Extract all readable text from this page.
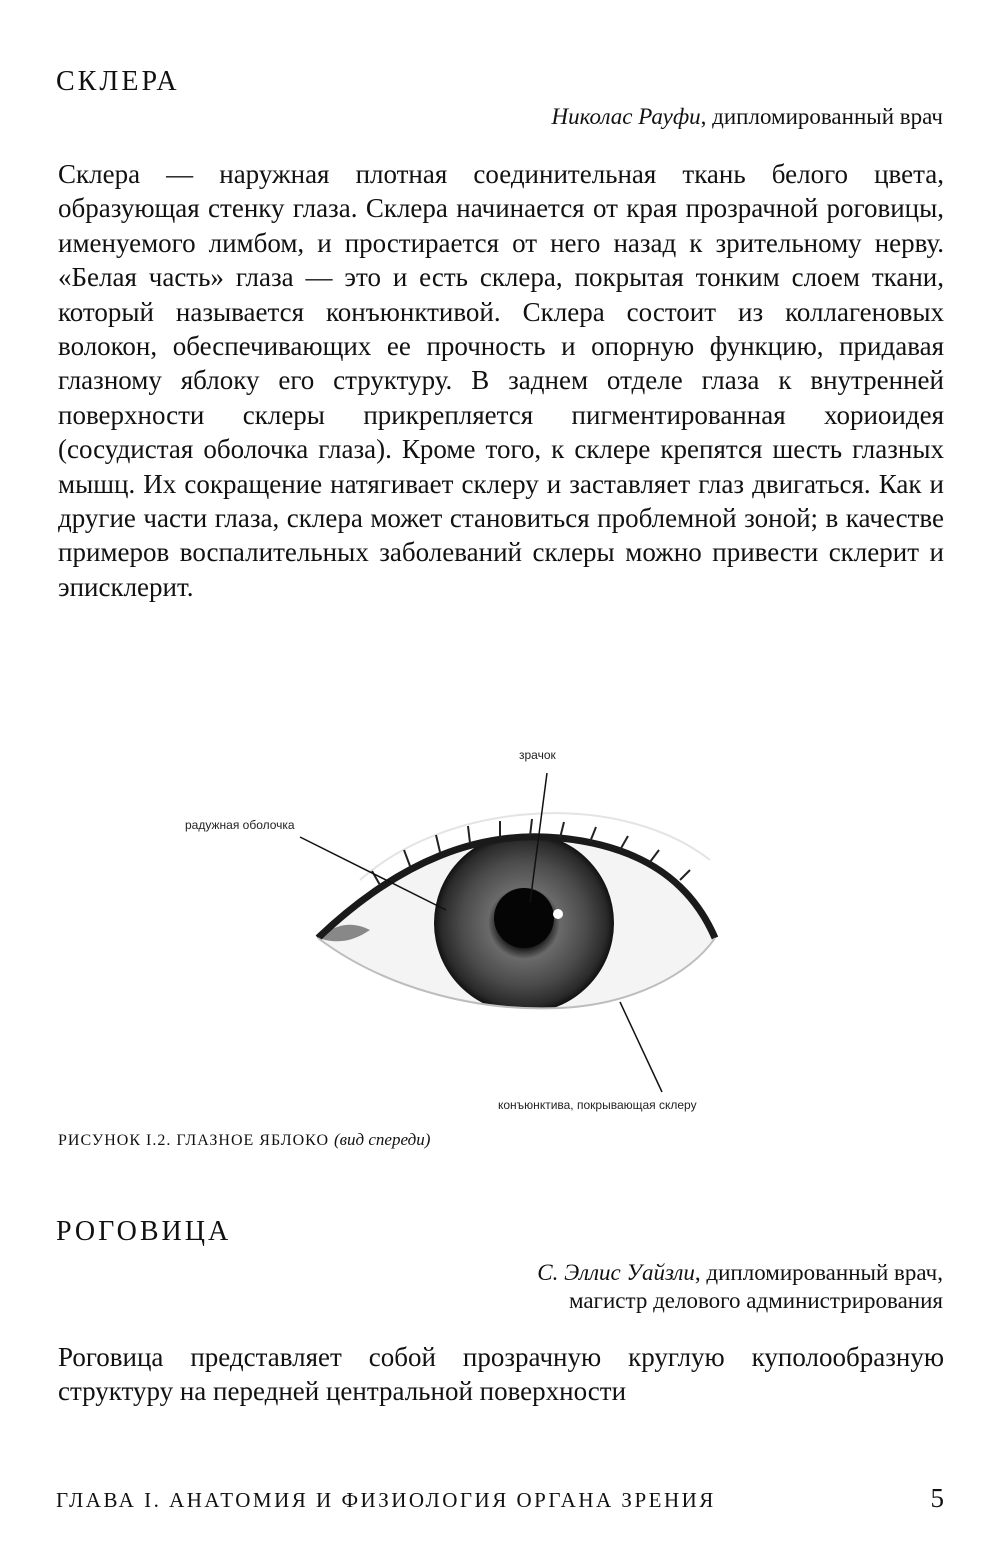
СКЛЕРА
Николас Рауфи, дипломированный врач

Склера — наружная плотная соединительная ткань белого цвета, образующая стенку глаза. Склера начинается от края прозрачной роговицы, именуемого лимбом, и простирается от него назад к зрительному нерву. «Белая часть» глаза — это и есть склера, покрытая тонким слоем ткани, который называется конъюнктивой. Склера состоит из коллагеновых волокон, обеспечивающих ее прочность и опорную функцию, придавая глазному яблоку его структуру. В заднем отделе глаза к внутренней поверхности склеры прикрепляется пигментированная хориоидея (сосудистая оболочка глаза). Кроме того, к склере крепятся шесть глазных мышц. Их сокращение натягивает склеру и заставляет глаз двигаться. Как и другие части глаза, склера может становиться проблемной зоной; в качестве примеров воспалительных заболеваний склеры можно привести склерит и эписклерит.

зрачок
радужная оболочка
конъюнктива, покрывающая склеру
РИСУНОК I.2. ГЛАЗНОЕ ЯБЛОКО (вид спереди)
РОГОВИЦА
С. Эллис Уайзли, дипломированный врач,
магистр делового администрирования

Роговица представляет собой прозрачную круглую куполообразную структуру на передней центральной поверхности

ГЛАВА I. АНАТОМИЯ И ФИЗИОЛОГИЯ ОРГАНА ЗРЕНИЯ	5
